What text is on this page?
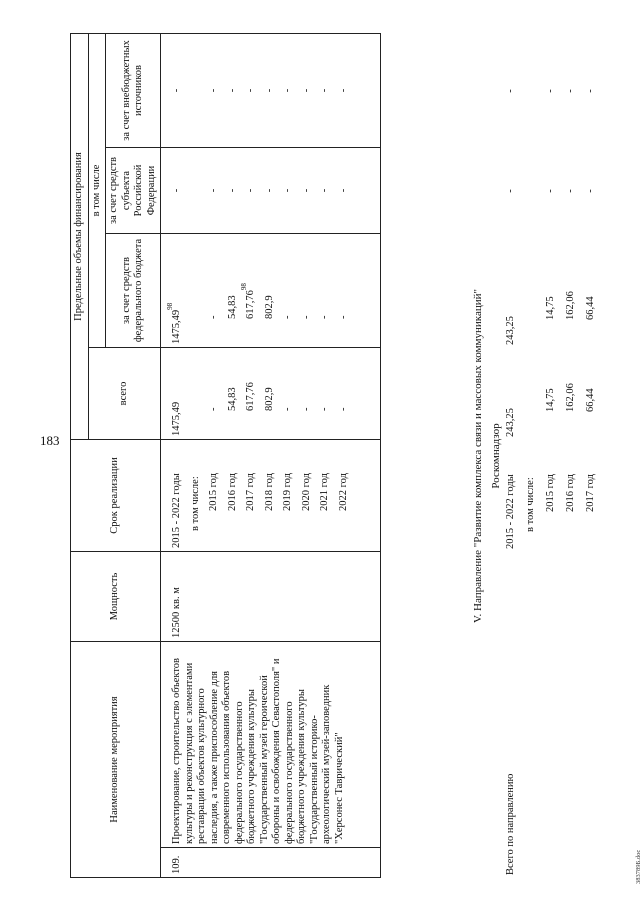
183
383789Б.doc
Наименование мероприятия		Мощность	Срок реализации	Предельные объемы финансирования			
				всего	в том числе		
					за счет средств федерального бюджета	за счет средств субъекта Российской Федерации	за счет внебюджетных источников

109.	Проектирование, строительство объектов культуры и реконструкция с элементами реставрации объектов культурного наследия, а также приспособление для современного использования объектов федерального государственного бюджетного учреждения культуры "Государственный музей героической обороны и освобождения Севастополя" и федерального государственного бюджетного учреждения культуры "Государственный историко-археологический музей-заповедник "Херсонес Таврический"	12500 кв. м	2015 - 2022 годы	1475,49	1475,49$^{98}$	-	-
			в том числе:				
			2015 год	-	-	-	-
			2016 год	54,83	54,83	-	-
			2017 год	617,76	617,76$^{98}$	-	-
			2018 год	802,9	802,9	-	-
			2019 год	-	-	-	-
			2020 год	-	-	-	-
			2021 год	-	-	-	-
			2022 год	-	-	-	-

V. Направление "Развитие комплекса связи и массовых коммуникаций" Роскомнадзор
Всего по направлению	2015 - 2022 годы	243,25	243,25	-	-
	в том числе:				
	2015 год	14,75	14,75	-	-
	2016 год	162,06	162,06	-	-
	2017 год	66,44	66,44	-	-
